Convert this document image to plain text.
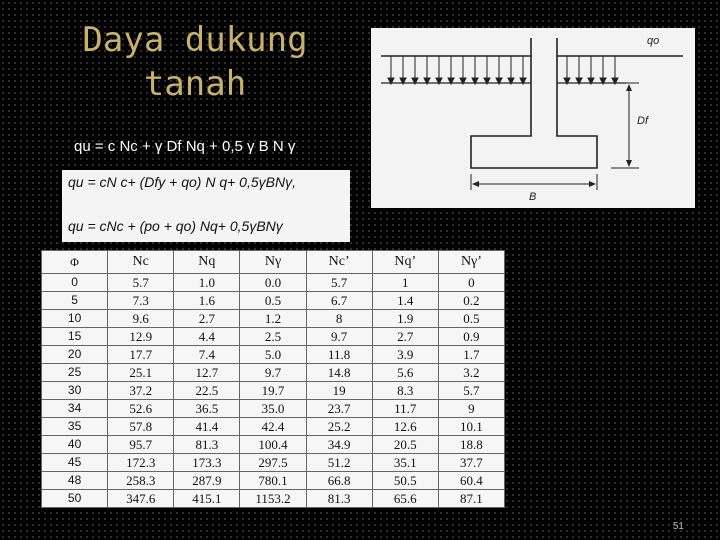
Daya dukung
tanah
qu = c Nc + γ Df Nq + 0,5 γ B N γ
qu = cN c+ (Dfy + qo) N q+ 0,5γBNγ,
qu = cNc + (po + qo) Nq+ 0,5γBNγ
qo
Df
B
Φ	Nc	Nq	Nγ	Nc’	Nq’	Nγ’
0	5.7	1.0	0.0	5.7	1	0
5	7.3	1.6	0.5	6.7	1.4	0.2
10	9.6	2.7	1.2	8	1.9	0.5
15	12.9	4.4	2.5	9.7	2.7	0.9
20	17.7	7.4	5.0	11.8	3.9	1.7
25	25.1	12.7	9.7	14.8	5.6	3.2
30	37.2	22.5	19.7	19	8.3	5.7
34	52.6	36.5	35.0	23.7	11.7	9
35	57.8	41.4	42.4	25.2	12.6	10.1
40	95.7	81.3	100.4	34.9	20.5	18.8
45	172.3	173.3	297.5	51.2	35.1	37.7
48	258.3	287.9	780.1	66.8	50.5	60.4
50	347.6	415.1	1153.2	81.3	65.6	87.1
51
